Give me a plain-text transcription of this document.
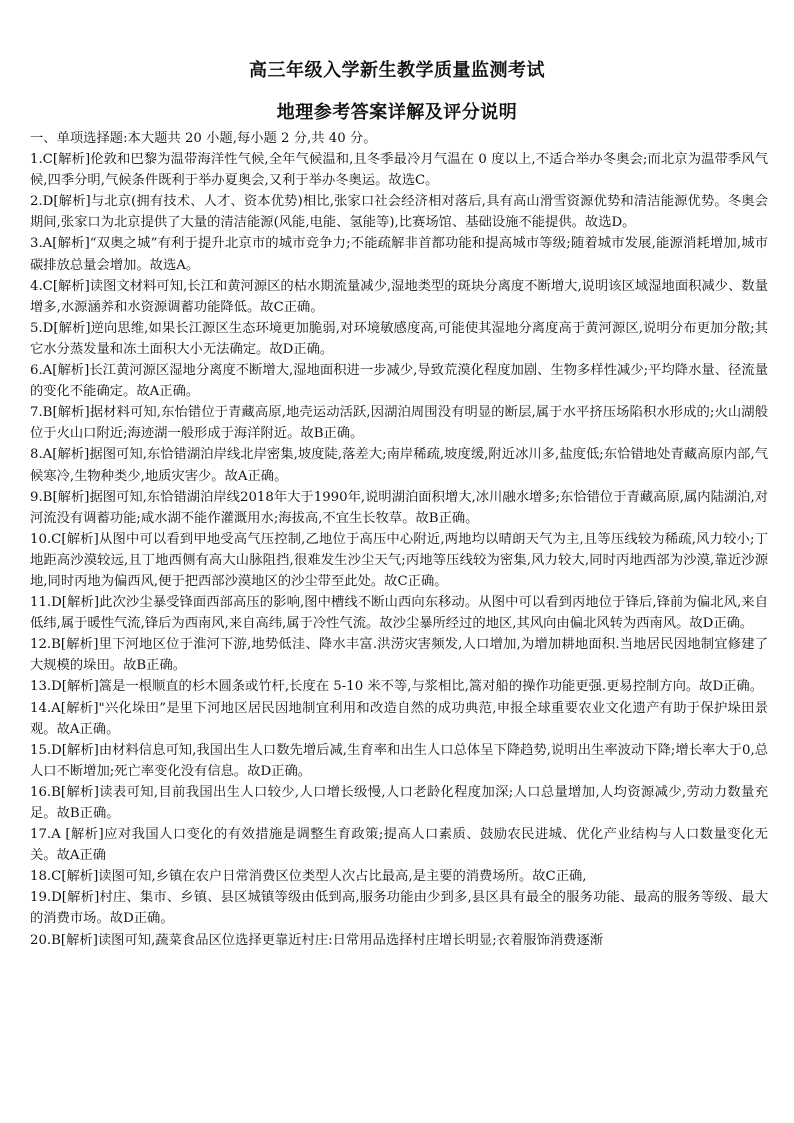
高三年级入学新生教学质量监测考试
地理参考答案详解及评分说明

一、单项选择题:本大题共 20 小题,每小题 2 分,共 40 分。

1.C[解析]伦敦和巴黎为温带海洋性气候,全年气候温和,且冬季最冷月气温在 0 度以上,不适合举办冬奥会;而北京为温带季风气候,四季分明,气候条件既利于举办夏奥会,又利于举办冬奥运。故选C。

2.D[解析]与北京(拥有技术、人才、资本优势)相比,张家口社会经济相对落后,具有高山滑雪资源优势和清洁能源优势。冬奥会期间,张家口为北京提供了大量的清洁能源(风能,电能、氢能等),比赛场馆、基础设施不能提供。故选D。

3.A[解析]“双奥之城”有利于提升北京市的城市竞争力;不能疏解非首都功能和提高城市等级;随着城市发展,能源消耗增加,城市碳排放总量会增加。故选A。

4.C[解析]读图文材料可知,长江和黄河源区的枯水期流量减少,湿地类型的斑块分离度不断增大,说明该区域湿地面积减少、数量增多,水源涵养和水资源调蓄功能降低。故C正确。

5.D[解析]逆向思维,如果长江源区生态环境更加脆弱,对环境敏感度高,可能使其湿地分离度高于黄河源区,说明分布更加分散;其它水分蒸发量和冻土面积大小无法确定。故D正确。

6.A[解析]长江黄河源区湿地分离度不断增大,湿地面积进一步减少,导致荒漠化程度加剧、生物多样性减少;平均降水量、径流量的变化不能确定。故A正确。

7.B[解析]据材料可知,东怡错位于青藏高原,地壳运动活跃,因湖泊周围没有明显的断层,属于水平挤压场陷积水形成的;火山湖般位于火山口附近;海迹湖一般形成于海洋附近。故B正确。

8.A[解析]据图可知,东恰错湖泊岸线北岸密集,坡度陡,落差大;南岸稀疏,坡度缓,附近冰川多,盐度低;东恰错地处青藏高原内部,气候寒冷,生物种类少,地质灾害少。故A正确。

9.B[解析]据图可知,东恰错湖泊岸线2018年大于1990年,说明湖泊面积增大,冰川融水增多;东恰错位于青藏高原,属内陆湖泊,对河流没有调蓄功能;咸水湖不能作灌溉用水;海拔高,不宜生长牧草。故B正确。

10.C[解析]从图中可以看到甲地受高气压控制,乙地位于高压中心附近,两地均以晴朗天气为主,且等压线较为稀疏,风力较小;丁地距高沙漠较远,且丁地西侧有高大山脉阻挡,很难发生沙尘天气;丙地等压线较为密集,风力较大,同时丙地西部为沙漠,靠近沙源地,同时丙地为偏西风,便于把西部沙漠地区的沙尘带至此处。故C正确。

11.D[解析]此次沙尘暴受锋面西部高压的影响,图中槽线不断山西向东移动。从图中可以看到丙地位于锋后,锋前为偏北风,来自低纬,属于暖性气流,锋后为西南风,来自高纬,属于冷性气流。故沙尘暴所经过的地区,其风向由偏北风转为西南风。故D正确。

12.B[解析]里下河地区位于淮河下游,地势低洼、降水丰富.洪涝灾害频发,人口增加,为增加耕地面积.当地居民因地制宜修建了大规模的垛田。故B正确。

13.D[解析]篙是一根顺直的杉木圆条或竹杆,长度在 5-10 米不等,与浆相比,篙对船的操作功能更强.更易控制方向。故D正确。

14.A[解析]"兴化垛田”是里下河地区居民因地制宜利用和改造自然的成功典范,申报全球重要农业文化遗产有助于保护垛田景观。故A正确。

15.D[解析]由材料信息可知,我国出生人口数先增后减,生育率和出生人口总体呈下降趋势,说明出生率波动下降;增长率大于0,总人口不断增加;死亡率变化没有信息。故D正确。

16.B[解析]读表可知,目前我国出生人口较少,人口增长级慢,人口老龄化程度加深;人口总量增加,人均资源减少,劳动力数量充足。故B正确。

17.A [解析]应对我国人口变化的有效措施是调整生育政策;提高人口素质、鼓励农民进城、优化产业结构与人口数量变化无关。故A正确

18.C[解析]读图可知,乡镇在农户日常消费区位类型人次占比最高,是主要的消费场所。故C正确,

19.D[解析]村庄、集市、乡镇、县区城镇等级由低到高,服务功能由少到多,县区具有最全的服务功能、最高的服务等级、最大的消费市场。故D正确。

20.B[解析]读图可知,蔬菜食品区位选择更靠近村庄:日常用品选择村庄增长明显;衣着服饰消费逐渐
